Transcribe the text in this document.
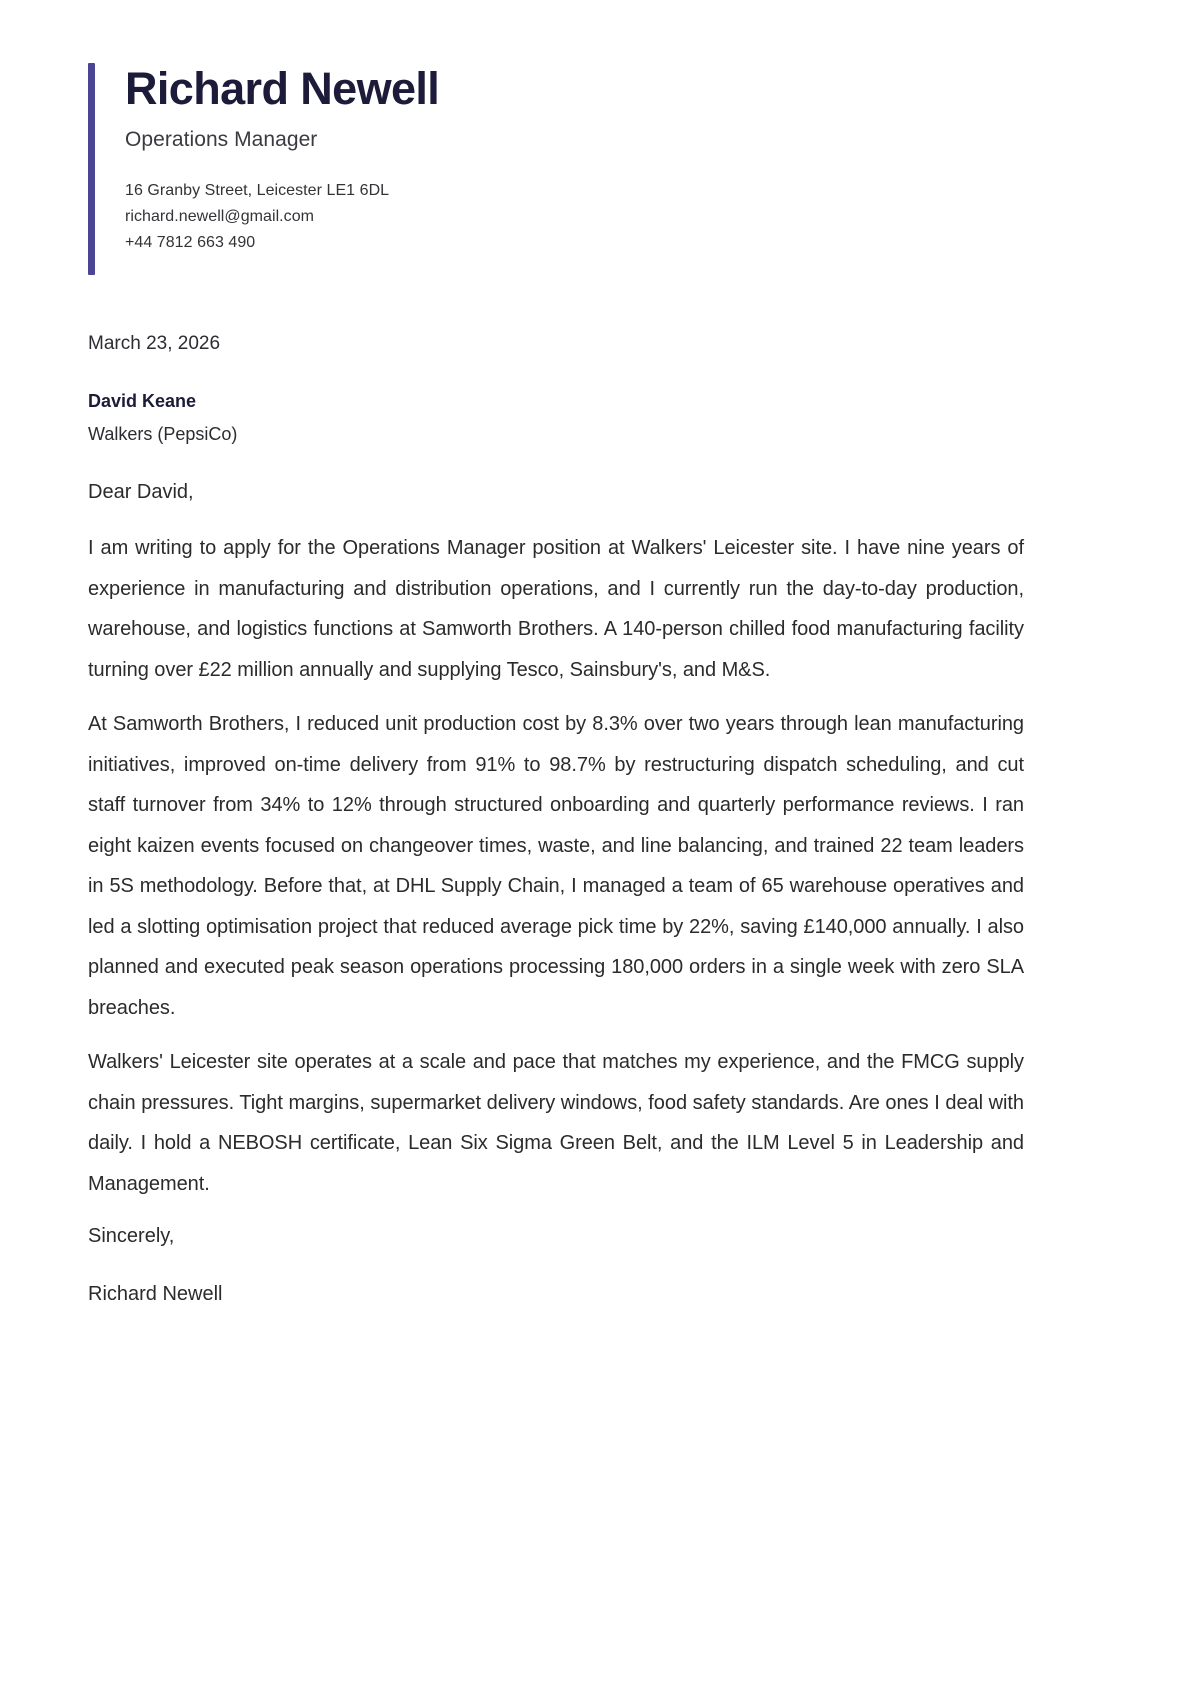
Richard Newell
Operations Manager
16 Granby Street, Leicester LE1 6DL
richard.newell@gmail.com
+44 7812 663 490
March 23, 2026
David Keane
Walkers (PepsiCo)
Dear David,

I am writing to apply for the Operations Manager position at Walkers' Leicester site. I have nine years of experience in manufacturing and distribution operations, and I currently run the day-to-day production, warehouse, and logistics functions at Samworth Brothers. A 140-person chilled food manufacturing facility turning over £22 million annually and supplying Tesco, Sainsbury's, and M&S.

At Samworth Brothers, I reduced unit production cost by 8.3% over two years through lean manufacturing initiatives, improved on-time delivery from 91% to 98.7% by restructuring dispatch scheduling, and cut staff turnover from 34% to 12% through structured onboarding and quarterly performance reviews. I ran eight kaizen events focused on changeover times, waste, and line balancing, and trained 22 team leaders in 5S methodology. Before that, at DHL Supply Chain, I managed a team of 65 warehouse operatives and led a slotting optimisation project that reduced average pick time by 22%, saving £140,000 annually. I also planned and executed peak season operations processing 180,000 orders in a single week with zero SLA breaches.

Walkers' Leicester site operates at a scale and pace that matches my experience, and the FMCG supply chain pressures. Tight margins, supermarket delivery windows, food safety standards. Are ones I deal with daily. I hold a NEBOSH certificate, Lean Six Sigma Green Belt, and the ILM Level 5 in Leadership and Management.

Sincerely,
Richard Newell
